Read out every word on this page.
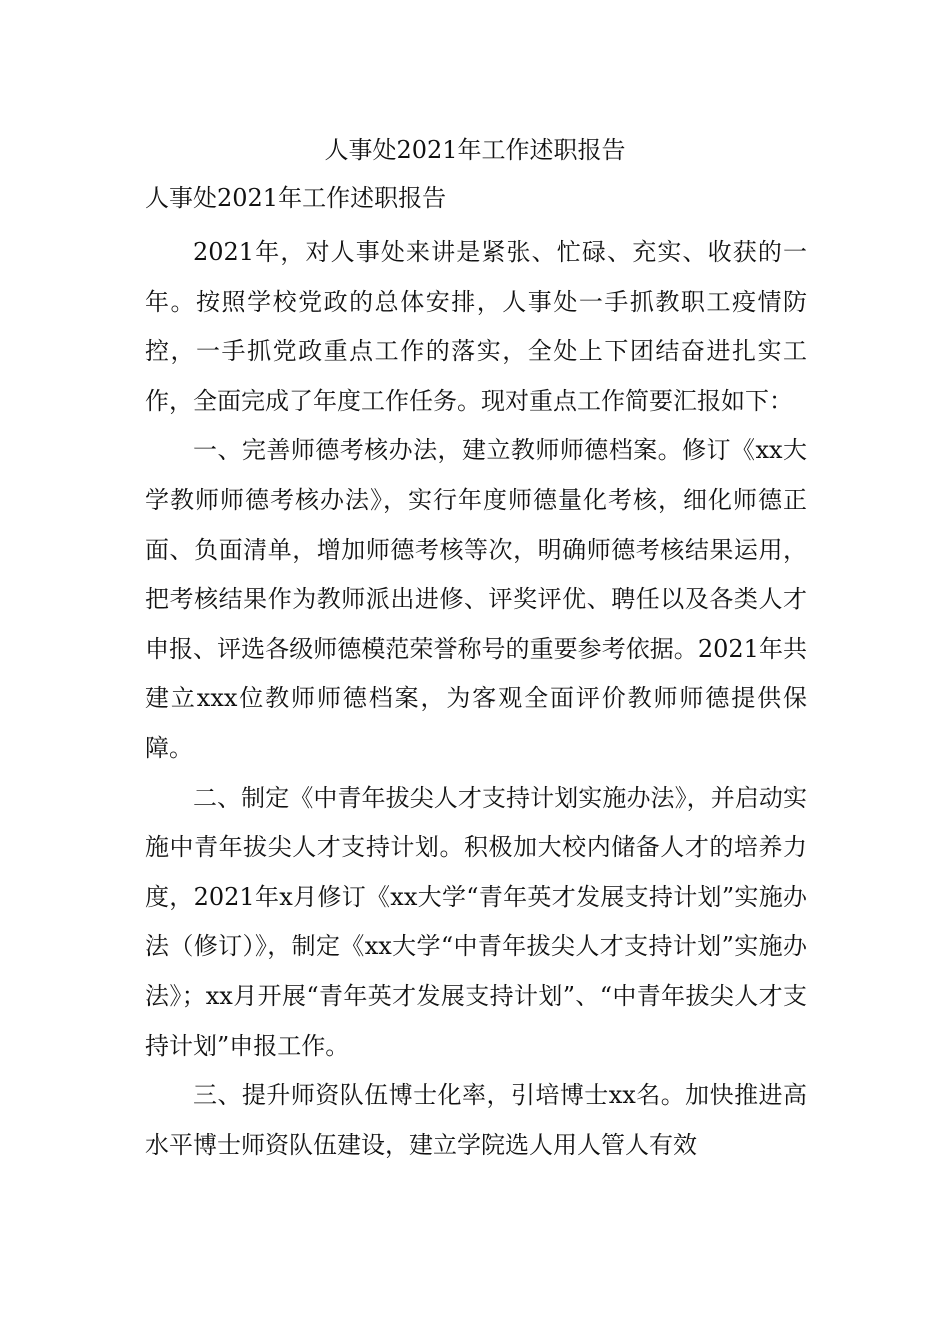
人事处2021年工作述职报告

人事处2021年工作述职报告

2021年，对人事处来讲是紧张、忙碌、充实、收获的一年。按照学校党政的总体安排，人事处一手抓教职工疫情防控，一手抓党政重点工作的落实，全处上下团结奋进扎实工作，全面完成了年度工作任务。现对重点工作简要汇报如下：

一、完善师德考核办法，建立教师师德档案。修订《xx大学教师师德考核办法》，实行年度师德量化考核，细化师德正面、负面清单，增加师德考核等次，明确师德考核结果运用，把考核结果作为教师派出进修、评奖评优、聘任以及各类人才申报、评选各级师德模范荣誉称号的重要参考依据。2021年共建立xxx位教师师德档案，为客观全面评价教师师德提供保障。

二、制定《中青年拔尖人才支持计划实施办法》，并启动实施中青年拔尖人才支持计划。积极加大校内储备人才的培养力度，2021年x月修订《xx大学“青年英才发展支持计划”实施办法（修订）》，制定《xx大学“中青年拔尖人才支持计划”实施办法》；xx月开展“青年英才发展支持计划”、“中青年拔尖人才支持计划”申报工作。

三、提升师资队伍博士化率，引培博士xx名。加快推进高水平博士师资队伍建设，建立学院选人用人管人有效
